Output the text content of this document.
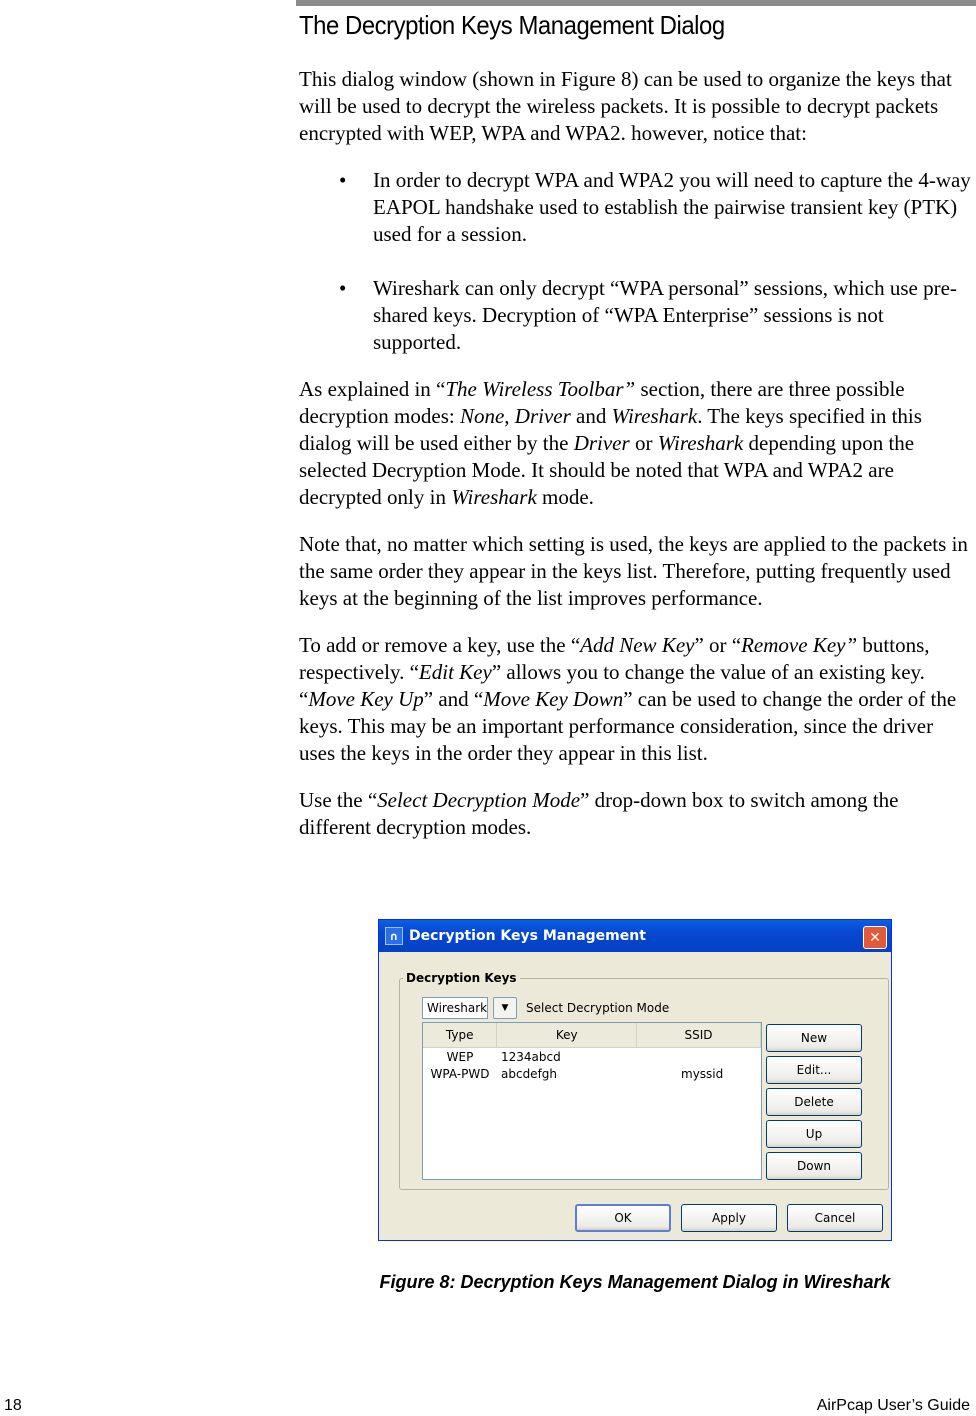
The Decryption Keys Management Dialog

This dialog window (shown in Figure 8) can be used to organize the keys that will be used to decrypt the wireless packets. It is possible to decrypt packets encrypted with WEP, WPA and WPA2. however, notice that:

• In order to decrypt WPA and WPA2 you will need to capture the 4-way EAPOL handshake used to establish the pairwise transient key (PTK) used for a session.
• Wireshark can only decrypt “WPA personal” sessions, which use pre-shared keys. Decryption of “WPA Enterprise” sessions is not supported.

As explained in “The Wireless Toolbar” section, there are three possible decryption modes: None, Driver and Wireshark. The keys specified in this dialog will be used either by the Driver or Wireshark depending upon the selected Decryption Mode. It should be noted that WPA and WPA2 are decrypted only in Wireshark mode.

Note that, no matter which setting is used, the keys are applied to the packets in the same order they appear in the keys list. Therefore, putting frequently used keys at the beginning of the list improves performance.

To add or remove a key, use the “Add New Key” or “Remove Key” buttons, respectively. “Edit Key” allows you to change the value of an existing key. “Move Key Up” and “Move Key Down” can be used to change the order of the keys. This may be an important performance consideration, since the driver uses the keys in the order they appear in this list.

Use the “Select Decryption Mode” drop-down box to switch among the different decryption modes.

∩ Decryption Keys Management	✕
Decryption Keys
Wireshark	▼	Select Decryption Mode
Type	Key	SSID
WEP	1234abcd
WPA-PWD abcdefgh	myssid
New
Edit...
Delete
Up
Down
OK	Apply	Cancel
Figure 8: Decryption Keys Management Dialog in Wireshark
18	AirPcap User’s Guide
